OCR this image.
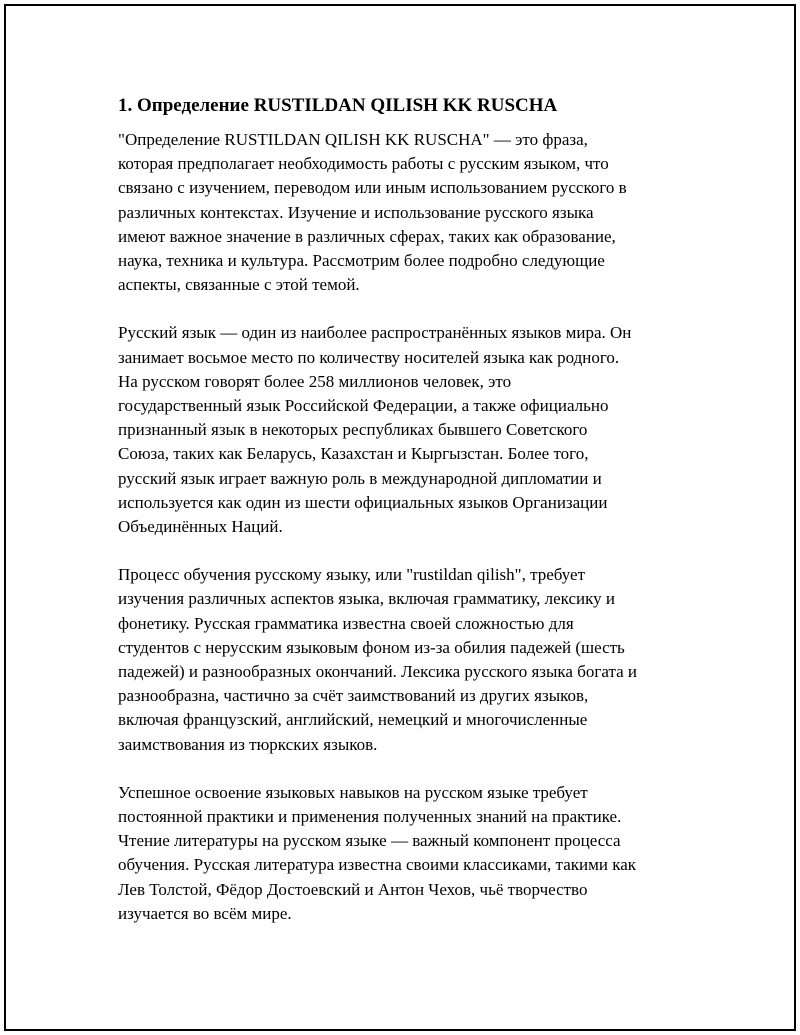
1. Определение RUSTILDAN QILISH KK RUSCHA

"Определение RUSTILDAN QILISH KK RUSCHA" — это фраза,
которая предполагает необходимость работы с русским языком, что
связано с изучением, переводом или иным использованием русского в
различных контекстах. Изучение и использование русского языка
имеют важное значение в различных сферах, таких как образование,
наука, техника и культура. Рассмотрим более подробно следующие
аспекты, связанные с этой темой.

Русский язык — один из наиболее распространённых языков мира. Он
занимает восьмое место по количеству носителей языка как родного.
На русском говорят более 258 миллионов человек, это
государственный язык Российской Федерации, а также официально
признанный язык в некоторых республиках бывшего Советского
Союза, таких как Беларусь, Казахстан и Кыргызстан. Более того,
русский язык играет важную роль в международной дипломатии и
используется как один из шести официальных языков Организации
Объединённых Наций.

Процесс обучения русскому языку, или "rustildan qilish", требует
изучения различных аспектов языка, включая грамматику, лексику и
фонетику. Русская грамматика известна своей сложностью для
студентов с нерусским языковым фоном из-за обилия падежей (шесть
падежей) и разнообразных окончаний. Лексика русского языка богата и
разнообразна, частично за счёт заимствований из других языков,
включая французский, английский, немецкий и многочисленные
заимствования из тюркских языков.

Успешное освоение языковых навыков на русском языке требует
постоянной практики и применения полученных знаний на практике.
Чтение литературы на русском языке — важный компонент процесса
обучения. Русская литература известна своими классиками, такими как
Лев Толстой, Фёдор Достоевский и Антон Чехов, чьё творчество
изучается во всём мире.
